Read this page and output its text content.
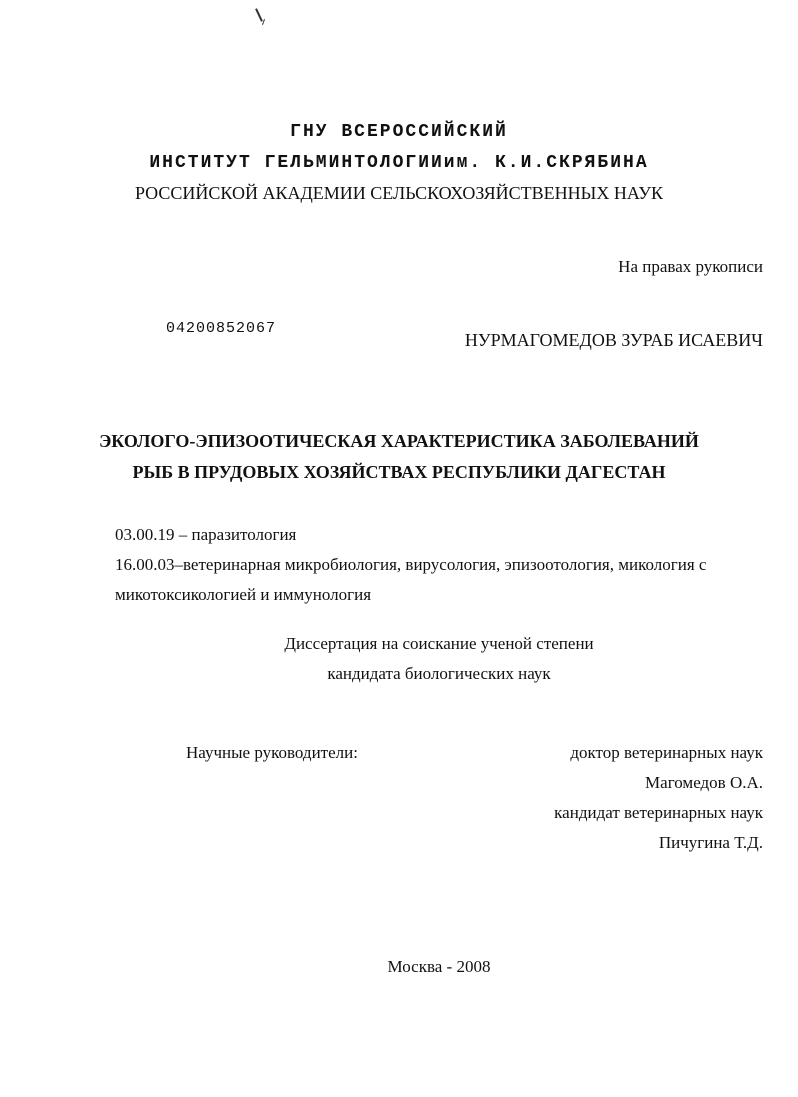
ГНУ ВСЕРОССИЙСКИЙ
ИНСТИТУТ ГЕЛЬМИНТОЛОГИИим. К.И.СКРЯБИНА
РОССИЙСКОЙ АКАДЕМИИ СЕЛЬСКОХОЗЯЙСТВЕННЫХ НАУК
На правах рукописи
04200852067
НУРМАГОМЕДОВ ЗУРАБ ИСАЕВИЧ
ЭКОЛОГО-ЭПИЗООТИЧЕСКАЯ ХАРАКТЕРИСТИКА ЗАБОЛЕВАНИЙ
РЫБ В ПРУДОВЫХ ХОЗЯЙСТВАХ РЕСПУБЛИКИ ДАГЕСТАН
03.00.19 – паразитология
16.00.03–ветеринарная микробиология, вирусология, эпизоотология, микология с
микотоксикологией и иммунология
Диссертация на соискание ученой степени
кандидата биологических наук
Научные руководители:	доктор ветеринарных наук
Магомедов О.А.
кандидат ветеринарных наук
Пичугина Т.Д.
Москва - 2008
